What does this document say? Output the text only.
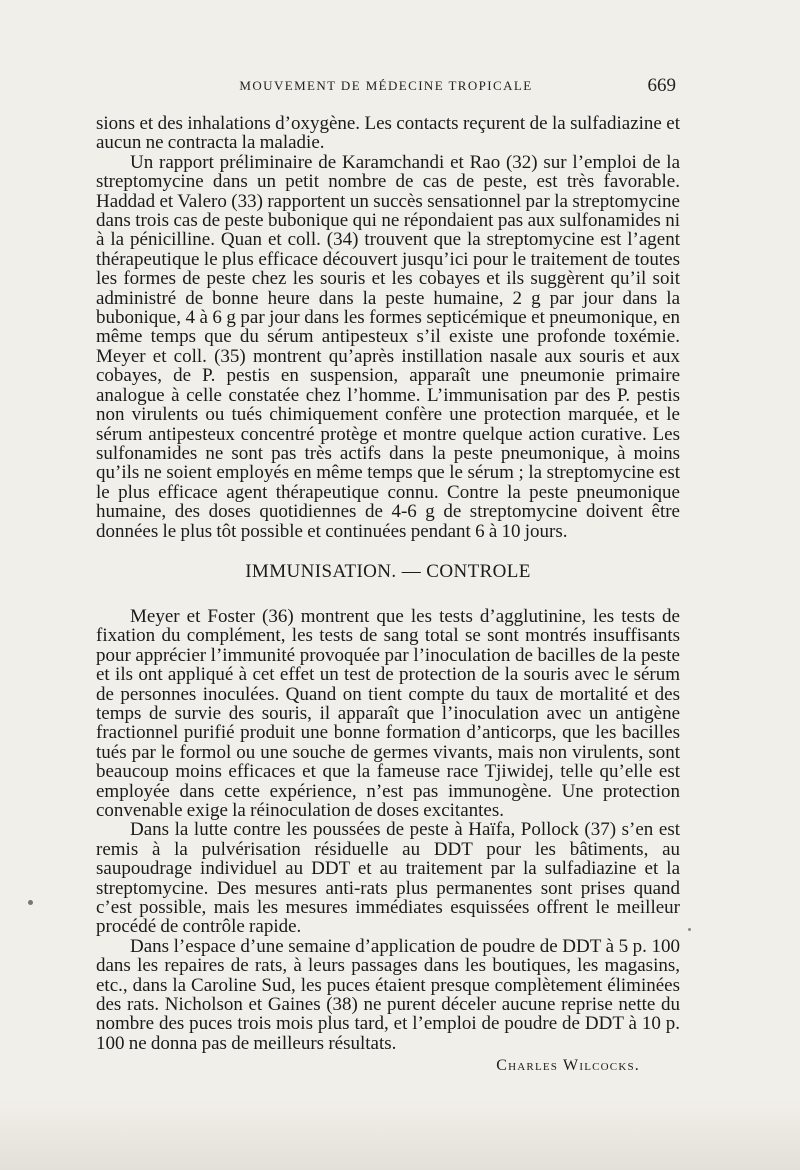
MOUVEMENT DE MÉDECINE TROPICALE	669

sions et des inhalations d’oxygène. Les contacts reçurent de la sulfadiazine et aucun ne contracta la maladie.

Un rapport préliminaire de Karamchandi et Rao (32) sur l’emploi de la streptomycine dans un petit nombre de cas de peste, est très favorable. Haddad et Valero (33) rapportent un succès sensationnel par la streptomycine dans trois cas de peste bubonique qui ne répondaient pas aux sulfonamides ni à la pénicilline. Quan et coll. (34) trouvent que la streptomycine est l’agent thérapeutique le plus efficace découvert jusqu’ici pour le traitement de toutes les formes de peste chez les souris et les cobayes et ils suggèrent qu’il soit administré de bonne heure dans la peste humaine, 2 g par jour dans la bubonique, 4 à 6 g par jour dans les formes septicémique et pneumonique, en même temps que du sérum antipesteux s’il existe une profonde toxémie. Meyer et coll. (35) montrent qu’après instillation nasale aux souris et aux cobayes, de P. pestis en suspension, apparaît une pneumonie primaire analogue à celle constatée chez l’homme. L’immunisation par des P. pestis non virulents ou tués chimiquement confère une protection marquée, et le sérum antipesteux concentré protège et montre quelque action curative. Les sulfonamides ne sont pas très actifs dans la peste pneumonique, à moins qu’ils ne soient employés en même temps que le sérum ; la streptomycine est le plus efficace agent thérapeutique connu. Contre la peste pneumonique humaine, des doses quotidiennes de 4-6 g de streptomycine doivent être données le plus tôt possible et continuées pendant 6 à 10 jours.

IMMUNISATION. — CONTROLE

Meyer et Foster (36) montrent que les tests d’agglutinine, les tests de fixation du complément, les tests de sang total se sont montrés insuffisants pour apprécier l’immunité provoquée par l’inoculation de bacilles de la peste et ils ont appliqué à cet effet un test de protection de la souris avec le sérum de personnes inoculées. Quand on tient compte du taux de mortalité et des temps de survie des souris, il apparaît que l’inoculation avec un antigène fractionnel purifié produit une bonne formation d’anticorps, que les bacilles tués par le formol ou une souche de germes vivants, mais non virulents, sont beaucoup moins efficaces et que la fameuse race Tjiwidej, telle qu’elle est employée dans cette expérience, n’est pas immunogène. Une protection convenable exige la réinoculation de doses excitantes.

Dans la lutte contre les poussées de peste à Haïfa, Pollock (37) s’en est remis à la pulvérisation résiduelle au DDT pour les bâtiments, au saupoudrage individuel au DDT et au traitement par la sulfadiazine et la streptomycine. Des mesures anti-rats plus permanentes sont prises quand c’est possible, mais les mesures immédiates esquissées offrent le meilleur procédé de contrôle rapide.

Dans l’espace d’une semaine d’application de poudre de DDT à 5 p. 100 dans les repaires de rats, à leurs passages dans les boutiques, les magasins, etc., dans la Caroline Sud, les puces étaient presque complètement éliminées des rats. Nicholson et Gaines (38) ne purent déceler aucune reprise nette du nombre des puces trois mois plus tard, et l’emploi de poudre de DDT à 10 p. 100 ne donna pas de meilleurs résultats.

Charles Wilcocks.
